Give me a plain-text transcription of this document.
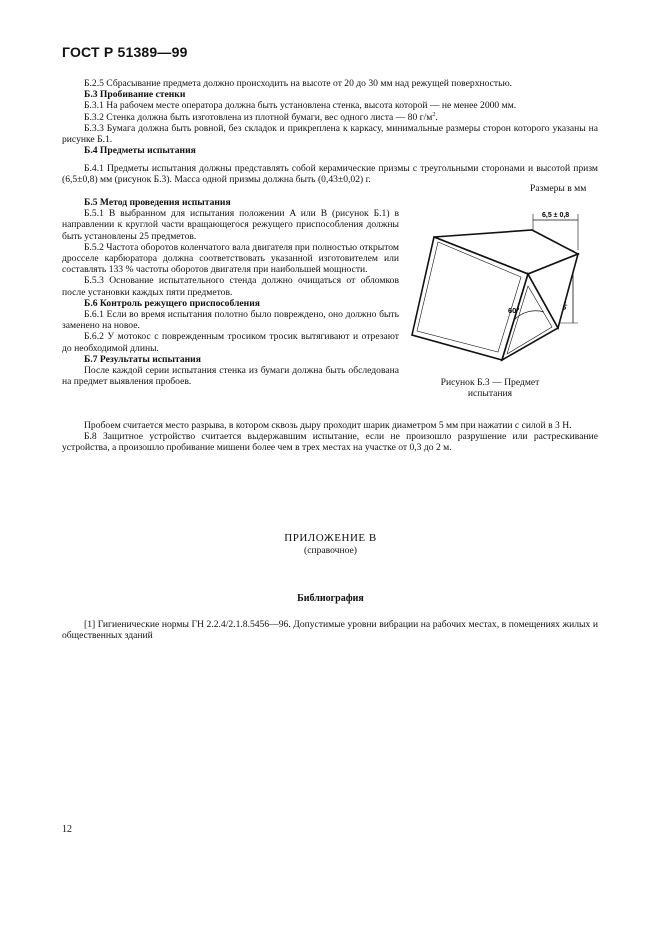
ГОСТ Р 51389—99

Б.2.5 Сбрасывание предмета должно происходить на высоте от 20 до 30 мм над режущей поверхностью.

Б.3 Пробивание стенки

Б.3.1 На рабочем месте оператора должна быть установлена стенка, высота которой — не менее 2000 мм.

Б.3.2 Стенка должна быть изготовлена из плотной бумаги, вес одного листа — 80 $г/м^2$.

Б.3.3 Бумага должна быть ровной, без складок и прикреплена к каркасу, минимальные размеры сторон которого указаны на рисунке Б.1.

Б.4 Предметы испытания

Б.4.1 Предметы испытания должны представлять собой керамические призмы с треугольными сторонами и высотой призм (6,5±0,8) мм (рисунок Б.3). Масса одной призмы должна быть (0,43±0,02) г.

Б.5 Метод проведения испытания

Б.5.1 В выбранном для испытания положении A или B (рисунок Б.1) в направлении к круглой части вращающегося режущего приспособления должны быть установлены 25 предметов.

Б.5.2 Частота оборотов коленчатого вала двигателя при полностью открытом дросселе карбюратора должна соответствовать указанной изготовителем или составлять 133 % частоты оборотов двигателя при наибольшей мощности.

Б.5.3 Основание испытательного стенда должно очищаться от обломков после установки каждых пяти предметов.

Б.6 Контроль режущего приспособления

Б.6.1 Если во время испытания полотно было повреждено, оно должно быть заменено на новое.

Б.6.2 У мотокос с поврежденным тросиком тросик вытягивают и отрезают до необходимой длины.

Б.7 Результаты испытания

После каждой серии испытания стенка из бумаги должна быть обследована на предмет выявления пробоев.

Пробоем считается место разрыва, в котором сквозь дыру проходит шарик диаметром 5 мм при нажатии с силой в 3 Н.

Б.8 Защитное устройство считается выдержавшим испытание, если не произошло разрушение или растрескивание устройства, а произошло пробивание мишени более чем в трех местах на участке от 0,3 до 2 м.

Размеры в мм
6,5 ± 0,8
60°
Рисунок Б.3 — Предмет
испытания
ПРИЛОЖЕНИЕ В
(справочное)
Библиография

[1] Гигиенические нормы ГН 2.2.4/2.1.8.5456—96. Допустимые уровни вибрации на рабочих местах, в помещениях жилых и общественных зданий

12
